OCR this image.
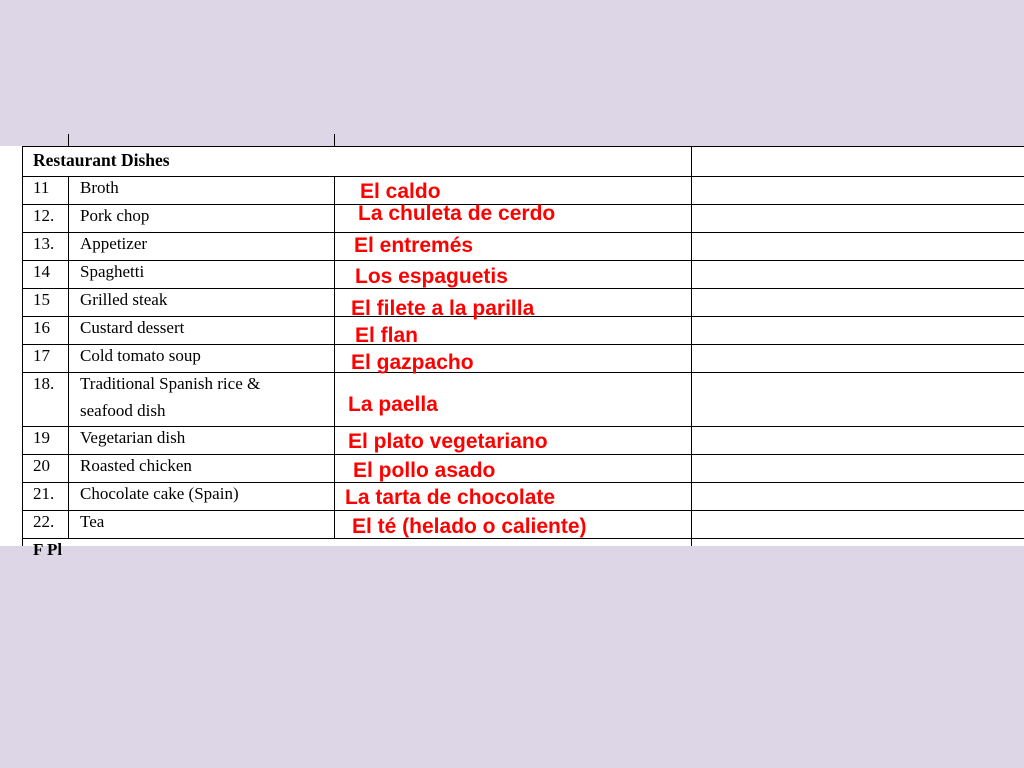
Restaurant Dishes
11 Broth
12. Pork chop
13. Appetizer
14 Spaghetti
15 Grilled steak
16 Custard dessert
17 Cold tomato soup
18. Traditional Spanish rice &
seafood dish
19 Vegetarian dish
20 Roasted chicken
21. Chocolate cake (Spain)
22. Tea
F Pl
El caldo
La chuleta de cerdo
El entremés
Los espaguetis
El filete a la parilla
El flan
El gazpacho
La paella
El plato vegetariano
El pollo asado
La tarta de chocolate
El té (helado o caliente)
